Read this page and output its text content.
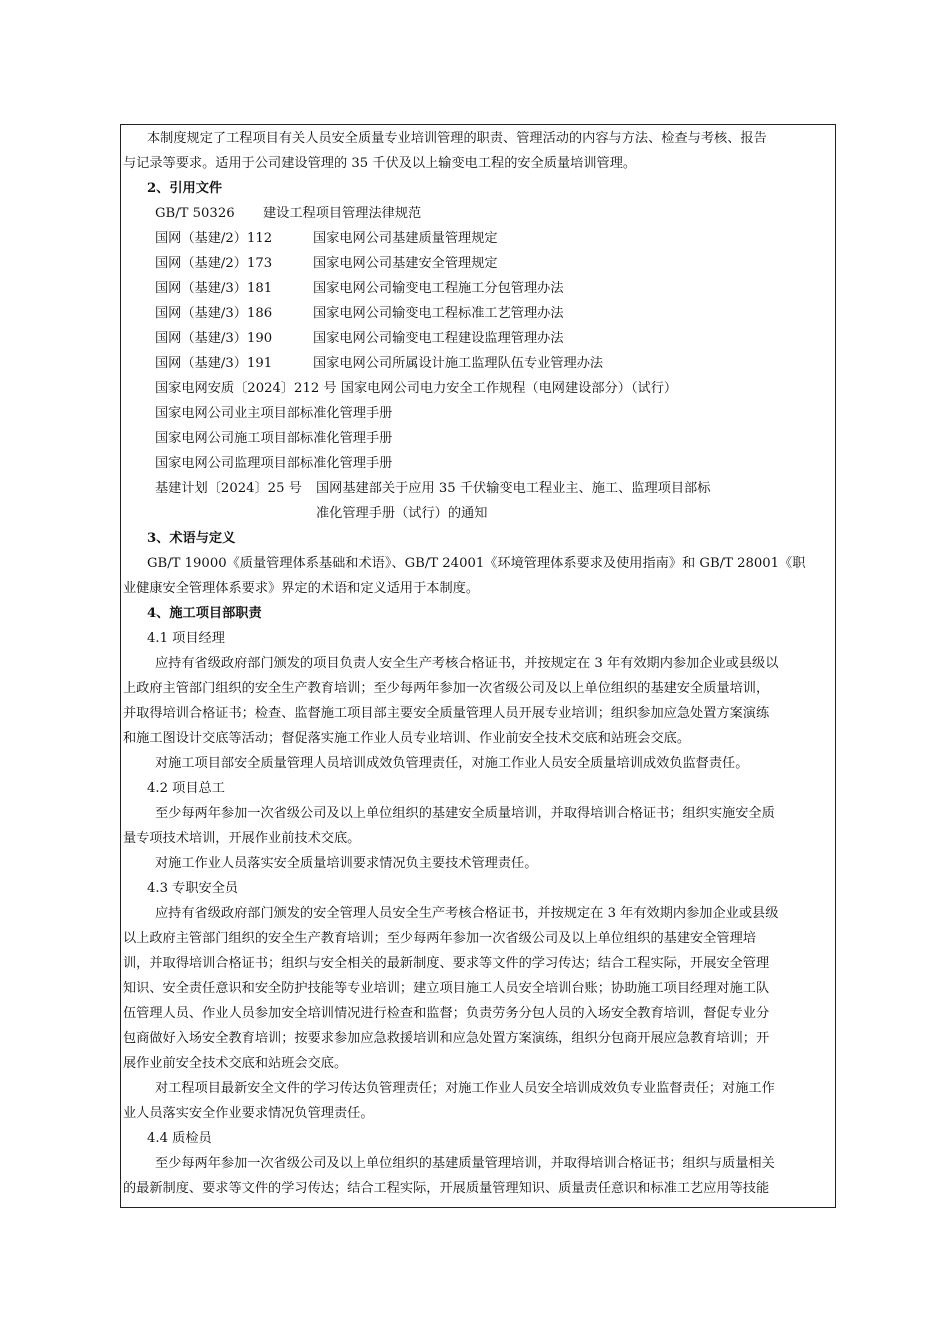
本制度规定了工程项目有关人员安全质量专业培训管理的职责、管理活动的内容与方法、检查与考核、报告
与记录等要求。适用于公司建设管理的 35 千伏及以上输变电工程的安全质量培训管理。
2、引用文件
GB/T 50326 建设工程项目管理法律规范
国网（基建/2）112	国家电网公司基建质量管理规定
国网（基建/2）173	国家电网公司基建安全管理规定
国网（基建/3）181	国家电网公司输变电工程施工分包管理办法
国网（基建/3）186	国家电网公司输变电工程标准工艺管理办法
国网（基建/3）190	国家电网公司输变电工程建设监理管理办法
国网（基建/3）191	国家电网公司所属设计施工监理队伍专业管理办法
国家电网安质〔2024〕212 号 国家电网公司电力安全工作规程（电网建设部分）（试行）
国家电网公司业主项目部标准化管理手册
国家电网公司施工项目部标准化管理手册
国家电网公司监理项目部标准化管理手册
基建计划〔2024〕25 号 国网基建部关于应用 35 千伏输变电工程业主、施工、监理项目部标
准化管理手册（试行）的通知
3、术语与定义
GB/T 19000《质量管理体系基础和术语》、GB/T 24001《环境管理体系要求及使用指南》和 GB/T 28001《职
业健康安全管理体系要求》界定的术语和定义适用于本制度。
4、施工项目部职责
4.1 项目经理
应持有省级政府部门颁发的项目负责人安全生产考核合格证书，并按规定在 3 年有效期内参加企业或县级以
上政府主管部门组织的安全生产教育培训；至少每两年参加一次省级公司及以上单位组织的基建安全质量培训，
并取得培训合格证书；检查、监督施工项目部主要安全质量管理人员开展专业培训；组织参加应急处置方案演练
和施工图设计交底等活动；督促落实施工作业人员专业培训、作业前安全技术交底和站班会交底。
对施工项目部安全质量管理人员培训成效负管理责任，对施工作业人员安全质量培训成效负监督责任。
4.2 项目总工
至少每两年参加一次省级公司及以上单位组织的基建安全质量培训，并取得培训合格证书；组织实施安全质
量专项技术培训，开展作业前技术交底。
对施工作业人员落实安全质量培训要求情况负主要技术管理责任。
4.3 专职安全员
应持有省级政府部门颁发的安全管理人员安全生产考核合格证书，并按规定在 3 年有效期内参加企业或县级
以上政府主管部门组织的安全生产教育培训；至少每两年参加一次省级公司及以上单位组织的基建安全管理培
训，并取得培训合格证书；组织与安全相关的最新制度、要求等文件的学习传达；结合工程实际，开展安全管理
知识、安全责任意识和安全防护技能等专业培训；建立项目施工人员安全培训台账；协助施工项目经理对施工队
伍管理人员、作业人员参加安全培训情况进行检查和监督；负责劳务分包人员的入场安全教育培训，督促专业分
包商做好入场安全教育培训；按要求参加应急救援培训和应急处置方案演练，组织分包商开展应急教育培训；开
展作业前安全技术交底和站班会交底。
对工程项目最新安全文件的学习传达负管理责任；对施工作业人员安全培训成效负专业监督责任；对施工作
业人员落实安全作业要求情况负管理责任。
4.4 质检员
至少每两年参加一次省级公司及以上单位组织的基建质量管理培训，并取得培训合格证书；组织与质量相关
的最新制度、要求等文件的学习传达；结合工程实际，开展质量管理知识、质量责任意识和标准工艺应用等技能
